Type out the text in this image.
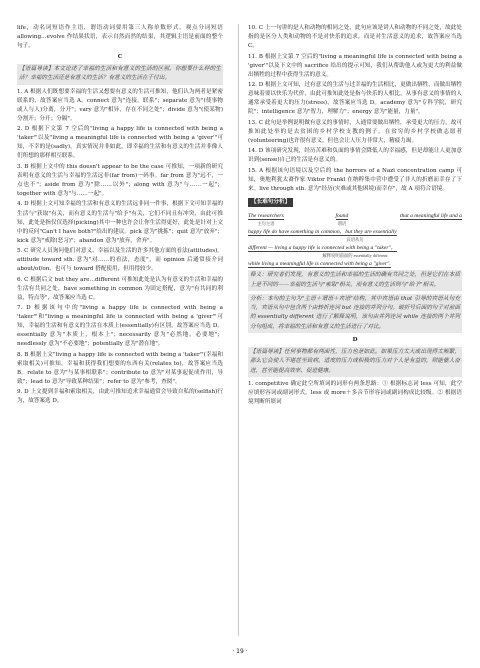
life，动名词短语作主语，谓语动词要用第三人称单数形式。观点分词短语 allowing…evolve 作结果状语，表示自然而然的结果，其逻辑主语是前面的整个句子。

C
【语篇导读】本文论述了幸福的生活和有意义的生活的区别。你想要什么样的生活？幸福的生活还是有意义的生活？有意义的生活在于付出。

1. A 根据人们既想要幸福的生活又想要有意义的生活可推知，他们认为两者是紧密联系的，故答案应当选 A。connect 意为"连接，联系"；separate 意为"(使事物或人与人)分离，分开"；vary 意为"相异，存在不同之处"；divide 意为"(使某物)分割开；分开；分隔"。

2. D 根据下文第 7 空后的"living a happy life is connected with being a 'taker'"以及"living a meaningful life is connected with being a 'giver'"可知，不幸的是(sadly)，真实情况并非如此，即幸福的生活和有意义的生活并非像人们所想的那样相互联系。

3. B 根据上文中的 this doesn't appear to be the case 可推知，一项新的研究表明有意义的生活与幸福的生活远非(far from)一码事。far from 意为"远不，一点也不"；aside from 意为"除……以外"；along with 意为"与……一起"；together with 意为"与……一起"。

4. D 根据上文可知幸福的生活和有意义的生活远非同一件事，根据下文可知幸福的生活与"获取"有关，而有意义的生活与"给予"有关，它们不同且有冲突，由此可推知，此处是指仅仅选择(picking)其中一种也许会让你生活得更好，此处是针对上文中的反问"Can't I have both?"给出的建议。pick 意为"挑拣"；quit 意为"放弃"；kick 意为"戒除(恶习)"；abandon 意为"放弃，舍弃"。

5. C 研究人员询问他们对意义、幸福以及生活的许多其他方面的看法(attitudes)。attitude toward sth. 意为"对……的看法，态度"，而 opinion 后通常接介词 about/of/on，也可与 toward 搭配使用，但用得较少。

6. C 根据后文 but they are…different 可推知此处是认为有意义的生活和幸福的生活有共同之处，have something in common 为固定搭配，意为"有共同的利益，特点等"，故答案应当选 C。

7. D 根据该句中的"living a happy life is connected with being a 'taker'"和"living a meaningful life is connected with being a 'giver'"可知，幸福的生活和有意义的生活在本质上(essentially)有区别，故答案应当选 D。essentially 意为"本质上，根本上"；necessarily 意为"必然地，必要地"；needlessly 意为"不必要地"；potentially 意为"潜在地"。

8. B 根据上文"living a happy life is connected with being a 'taker'"(幸福和索取相关)可推知，幸福和获得我们想要的东西有关(relates to)，故答案应当选 B。relate to 意为"与某事相联系"；contribute to 意为"对某事起促成作用，导致"；lead to 意为"导致某种结果"；refer to 意为"参考，查阅"。

9. D 上文提到幸福和索取相关，由此可推知追求幸福通常会导致自私的(selfish)行为，故答案选 D。

10. C 上一句讲的是人和动物的相同之处，此句应该是讲人和动物的不同之处，故此处指的是区分人类和动物的不是对快乐的追求，而是对生活意义的追求，故答案应当选 C。

11. B 根据上文第 7 空后的"living a meaningful life is connected with being a 'giver'"以及下文中的 sacrifice 给出的提示可知，我们从帮助他人或为更大的利益做出牺牲的过程中获得生活的意义。

12. D 根据上文可知，过有意义的生活与过幸福的生活相比，更做出牺牲，而做出牺牲意味着要以快乐为代价，由此可推知此处是指与快乐的人相比，从事有意义的事情的人通常承受着更大的压力(stress)，故答案应当选 D。academy 意为"专科学院，研究院"；intelligence 意为"智力，理解力"；energy 意为"能量，力量"。

13. C 此句是举例说明做有意义的事情时，人通常要做出牺牲，承受更大的压力，故可推知此处举的是去贫困的乡村学校支教的例子。在贫穷的乡村学校做志愿者(volunteering)也许很有意义，但也会让人压力非常大，精疲力竭。

14. D 该项研究发现，经历苦难和负面的事情会降低人的幸福感，但是却能让人更加意识到(sense)自己的生活是有意义的。

15. A 根据该句语境以及空后的 the horrors of a Nazi concentration camp 可知，奥地利犹太裔作家 Viktor Frankl 在纳粹集中营中遭受了非人的折磨而幸存了下来。live through sth. 意为"经历(灾难或其他困境)而幸存"，故 A 项符合语境。

【长难句分析】
The researchers
主句主语
found
谓语
that a meaningful life and a
happy life do have something in common，but they are essentially
宾语从句
different — living a happy life is connected with being a "taker"，
解释说明前面的 essentially different
while living a meaningful life is connected with being a "giver".
释义：研究者们发现，有意义的生活和幸福的生活的确有共同之处，但是它们在本质上是不同的——幸福的生活与"索取"相关，而有意义的生活则与"给予"相关。
分析：本句的主句为"主语＋谓语＋宾语"结构，其中宾语由 that 引导的宾语从句充当，宾语从句中包含两个由转折连词 but 连接的并列分句。破折号后面的句子对前面的 essentially different 进行了解释说明，该句由并列连词 while 连接的两个并列分句组成，将幸福的生活和有意义的生活进行了对比。
D
【语篇导读】任何事物都有两面性，压力也是如此。如果压力太大或出现得太频繁，那么它会使人不堪甚至致病。适度的压力或积极的压力对个人是有益的，则能催人奋进，甚至能提高效率、促进健康。

1. competitive 确定此空所填词的词形有两条思路：① 根据标志词 less 可知，此空应填形容词或副词形式，less 或 more＋多音节形容词或副词构成比较级。② 根据语境判断所填词

· 19 ·
